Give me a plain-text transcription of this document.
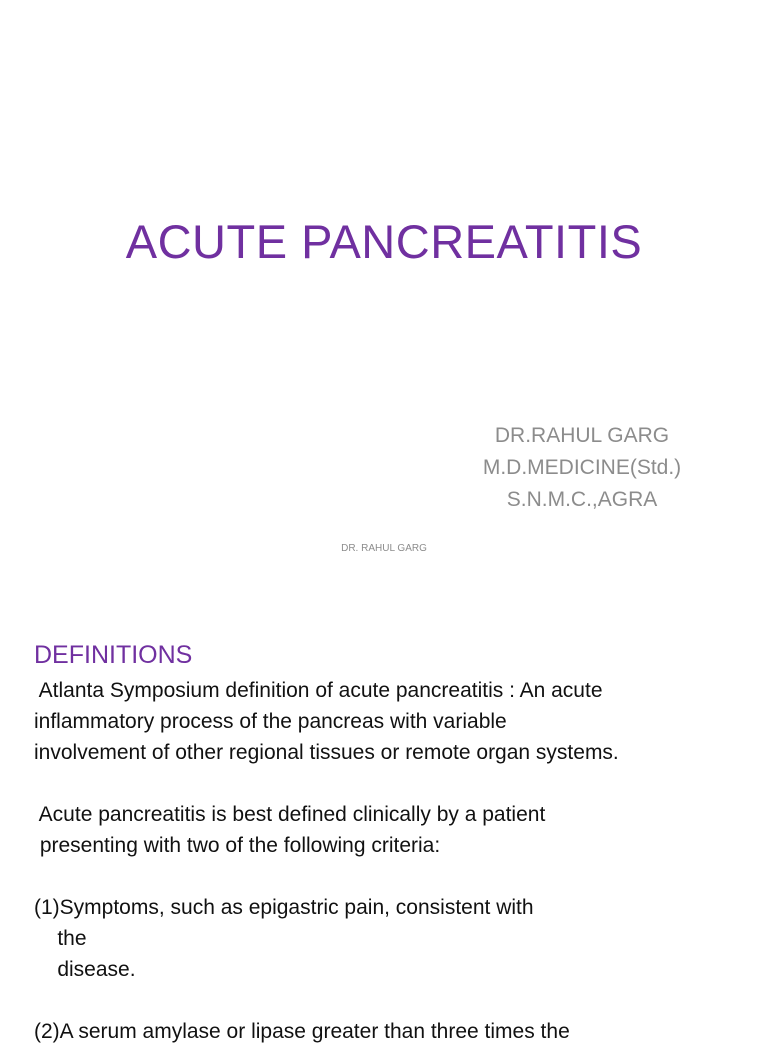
ACUTE PANCREATITIS
DR.RAHUL GARG
M.D.MEDICINE(Std.)
S.N.M.C.,AGRA
DR. RAHUL GARG
DEFINITIONS
Atlanta Symposium definition of acute pancreatitis : An acute
inflammatory process of the pancreas with variable
involvement of other regional tissues or remote organ systems.
Acute pancreatitis is best defined clinically by a patient
presenting with two of the following criteria:
(1)Symptoms, such as epigastric pain, consistent with
the
disease.
(2)A serum amylase or lipase greater than three times the
